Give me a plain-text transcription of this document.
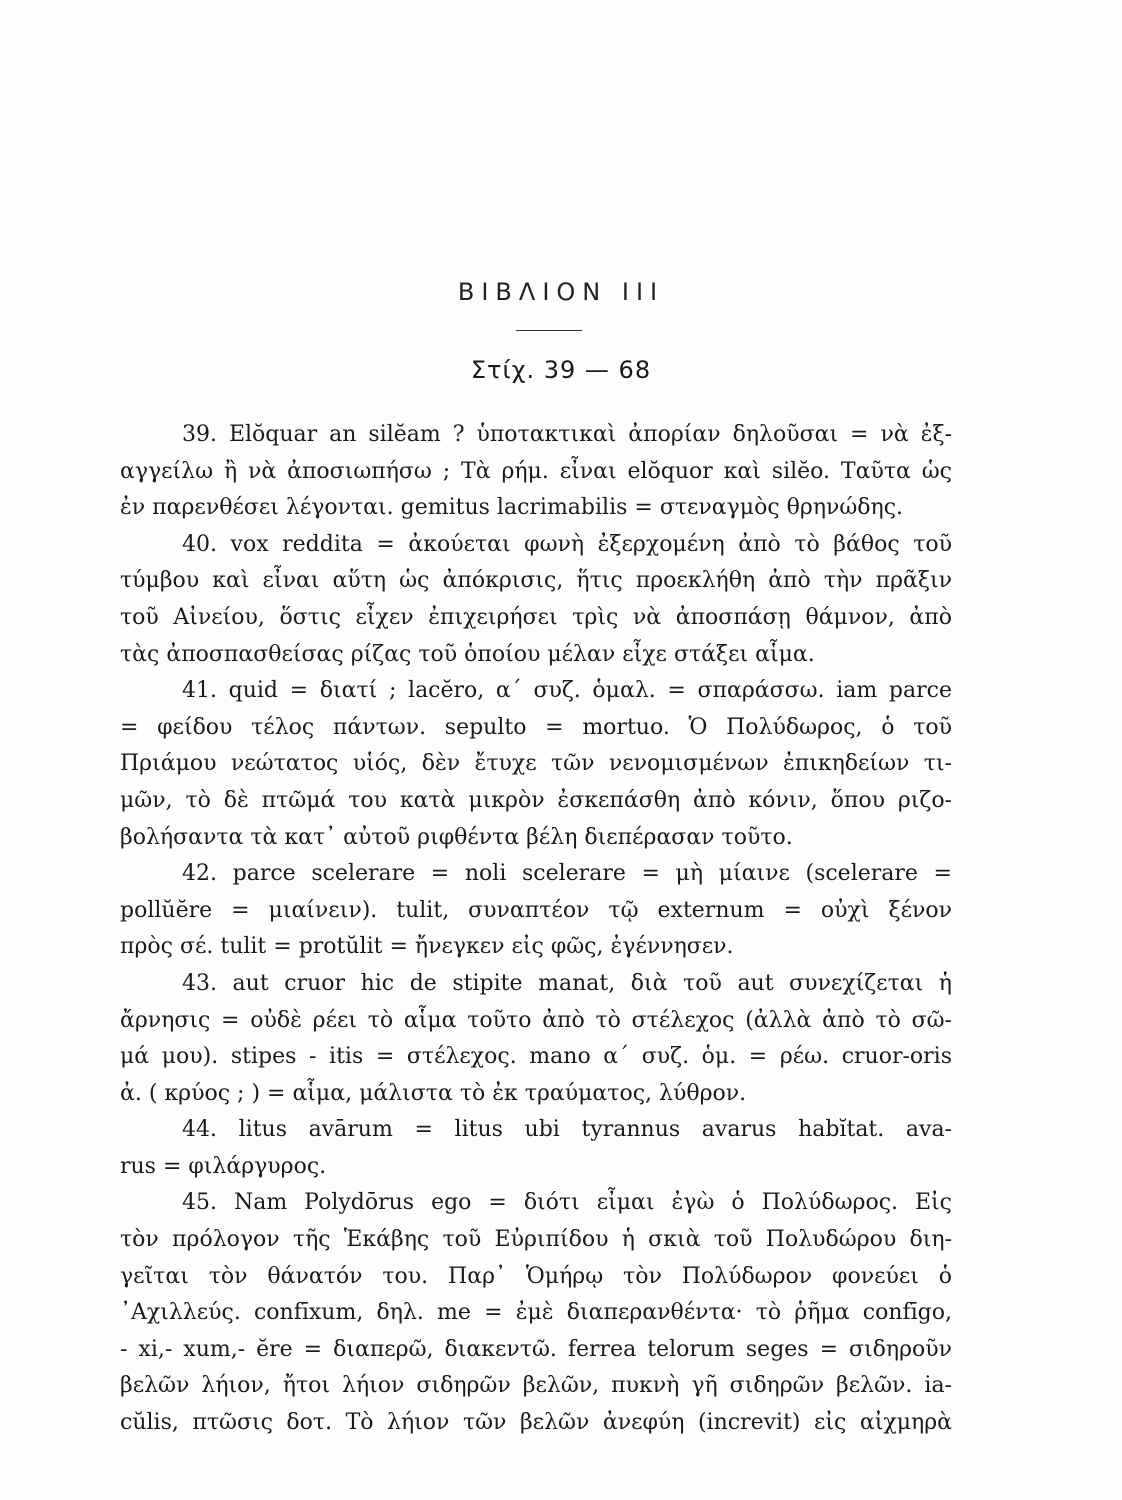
ΒΙΒΛΙΟΝ III
Στίχ. 39 — 68
39. Elŏquar an silĕam ? ὑποτακτικαὶ ἀπορίαν δηλοῦσαι = νὰ ἐξ-
αγγείλω ἢ νὰ ἀποσιωπήσω ; Τὰ ρήμ. εἶναι elŏquor καὶ silĕo. Ταῦτα ὡς
ἐν παρενθέσει λέγονται. gemitus lacrimabilis = στεναγμὸς θρηνώδης.
40. vox reddita = ἀκούεται φωνὴ ἐξερχομένη ἀπὸ τὸ βάθος τοῦ
τύμβου καὶ εἶναι αὕτη ὡς ἀπόκρισις, ἥτις προεκλήθη ἀπὸ τὴν πρᾶξιν
τοῦ Αἰνείου, ὅστις εἶχεν ἐπιχειρήσει τρὶς νὰ ἀποσπάσῃ θάμνον, ἀπὸ
τὰς ἀποσπασθείσας ρίζας τοῦ ὁποίου μέλαν εἶχε στάξει αἷμα.
41. quid = διατί ; lacĕro, α΄ συζ. ὁμαλ. = σπαράσσω. iam parce
= φείδου τέλος πάντων. sepulto = mortuo. Ὁ Πολύδωρος, ὁ τοῦ
Πριάμου νεώτατος υἱός, δὲν ἔτυχε τῶν νενομισμένων ἐπικηδείων τι-
μῶν, τὸ δὲ πτῶμά του κατὰ μικρὸν ἐσκεπάσθη ἀπὸ κόνιν, ὅπου ριζο-
βολήσαντα τὰ κατ᾽ αὐτοῦ ριφθέντα βέλη διεπέρασαν τοῦτο.
42. parce scelerare = noli scelerare = μὴ μίαινε (scelerare =
pollŭĕre = μιαίνειν). tulit, συναπτέον τῷ externum = οὐχὶ ξένον
πρὸς σέ. tulit = protŭlit = ἤνεγκεν εἰς φῶς, ἐγέννησεν.
43. aut cruor hic de stipite manat, διὰ τοῦ aut συνεχίζεται ἡ
ἄρνησις = οὐδὲ ρέει τὸ αἷμα τοῦτο ἀπὸ τὸ στέλεχος (ἀλλὰ ἀπὸ τὸ σῶ-
μά μου). stipes - itis = στέλεχος. mano α΄ συζ. ὁμ. = ρέω. cruor-oris
ἀ. ( κρύος ; ) = αἷμα, μάλιστα τὸ ἐκ τραύματος, λύθρον.
44. litus avārum = litus ubi tyrannus avarus habĭtat. ava-
rus = φιλάργυρος.
45. Nam Polydōrus ego = διότι εἶμαι ἐγὼ ὁ Πολύδωρος. Εἰς
τὸν πρόλογον τῆς Ἑκάβης τοῦ Εὐριπίδου ἡ σκιὰ τοῦ Πολυδώρου διη-
γεῖται τὸν θάνατόν του. Παρ᾽ Ὁμήρῳ τὸν Πολύδωρον φονεύει ὁ
᾽Αχιλλεύς. confīxum, δηλ. me = ἐμὲ διαπερανθέντα· τὸ ῥῆμα confīgo,
- xi,- xum,- ĕre = διαπερῶ, διακεντῶ. ferrea telorum seges = σιδηροῦν
βελῶν λήιον, ἤτοι λήιον σιδηρῶν βελῶν, πυκνὴ γῆ σιδηρῶν βελῶν. ia-
cŭlis, πτῶσις δοτ. Τὸ λήιον τῶν βελῶν ἀνεφύη (increvit) εἰς αἰχμηρὰ
